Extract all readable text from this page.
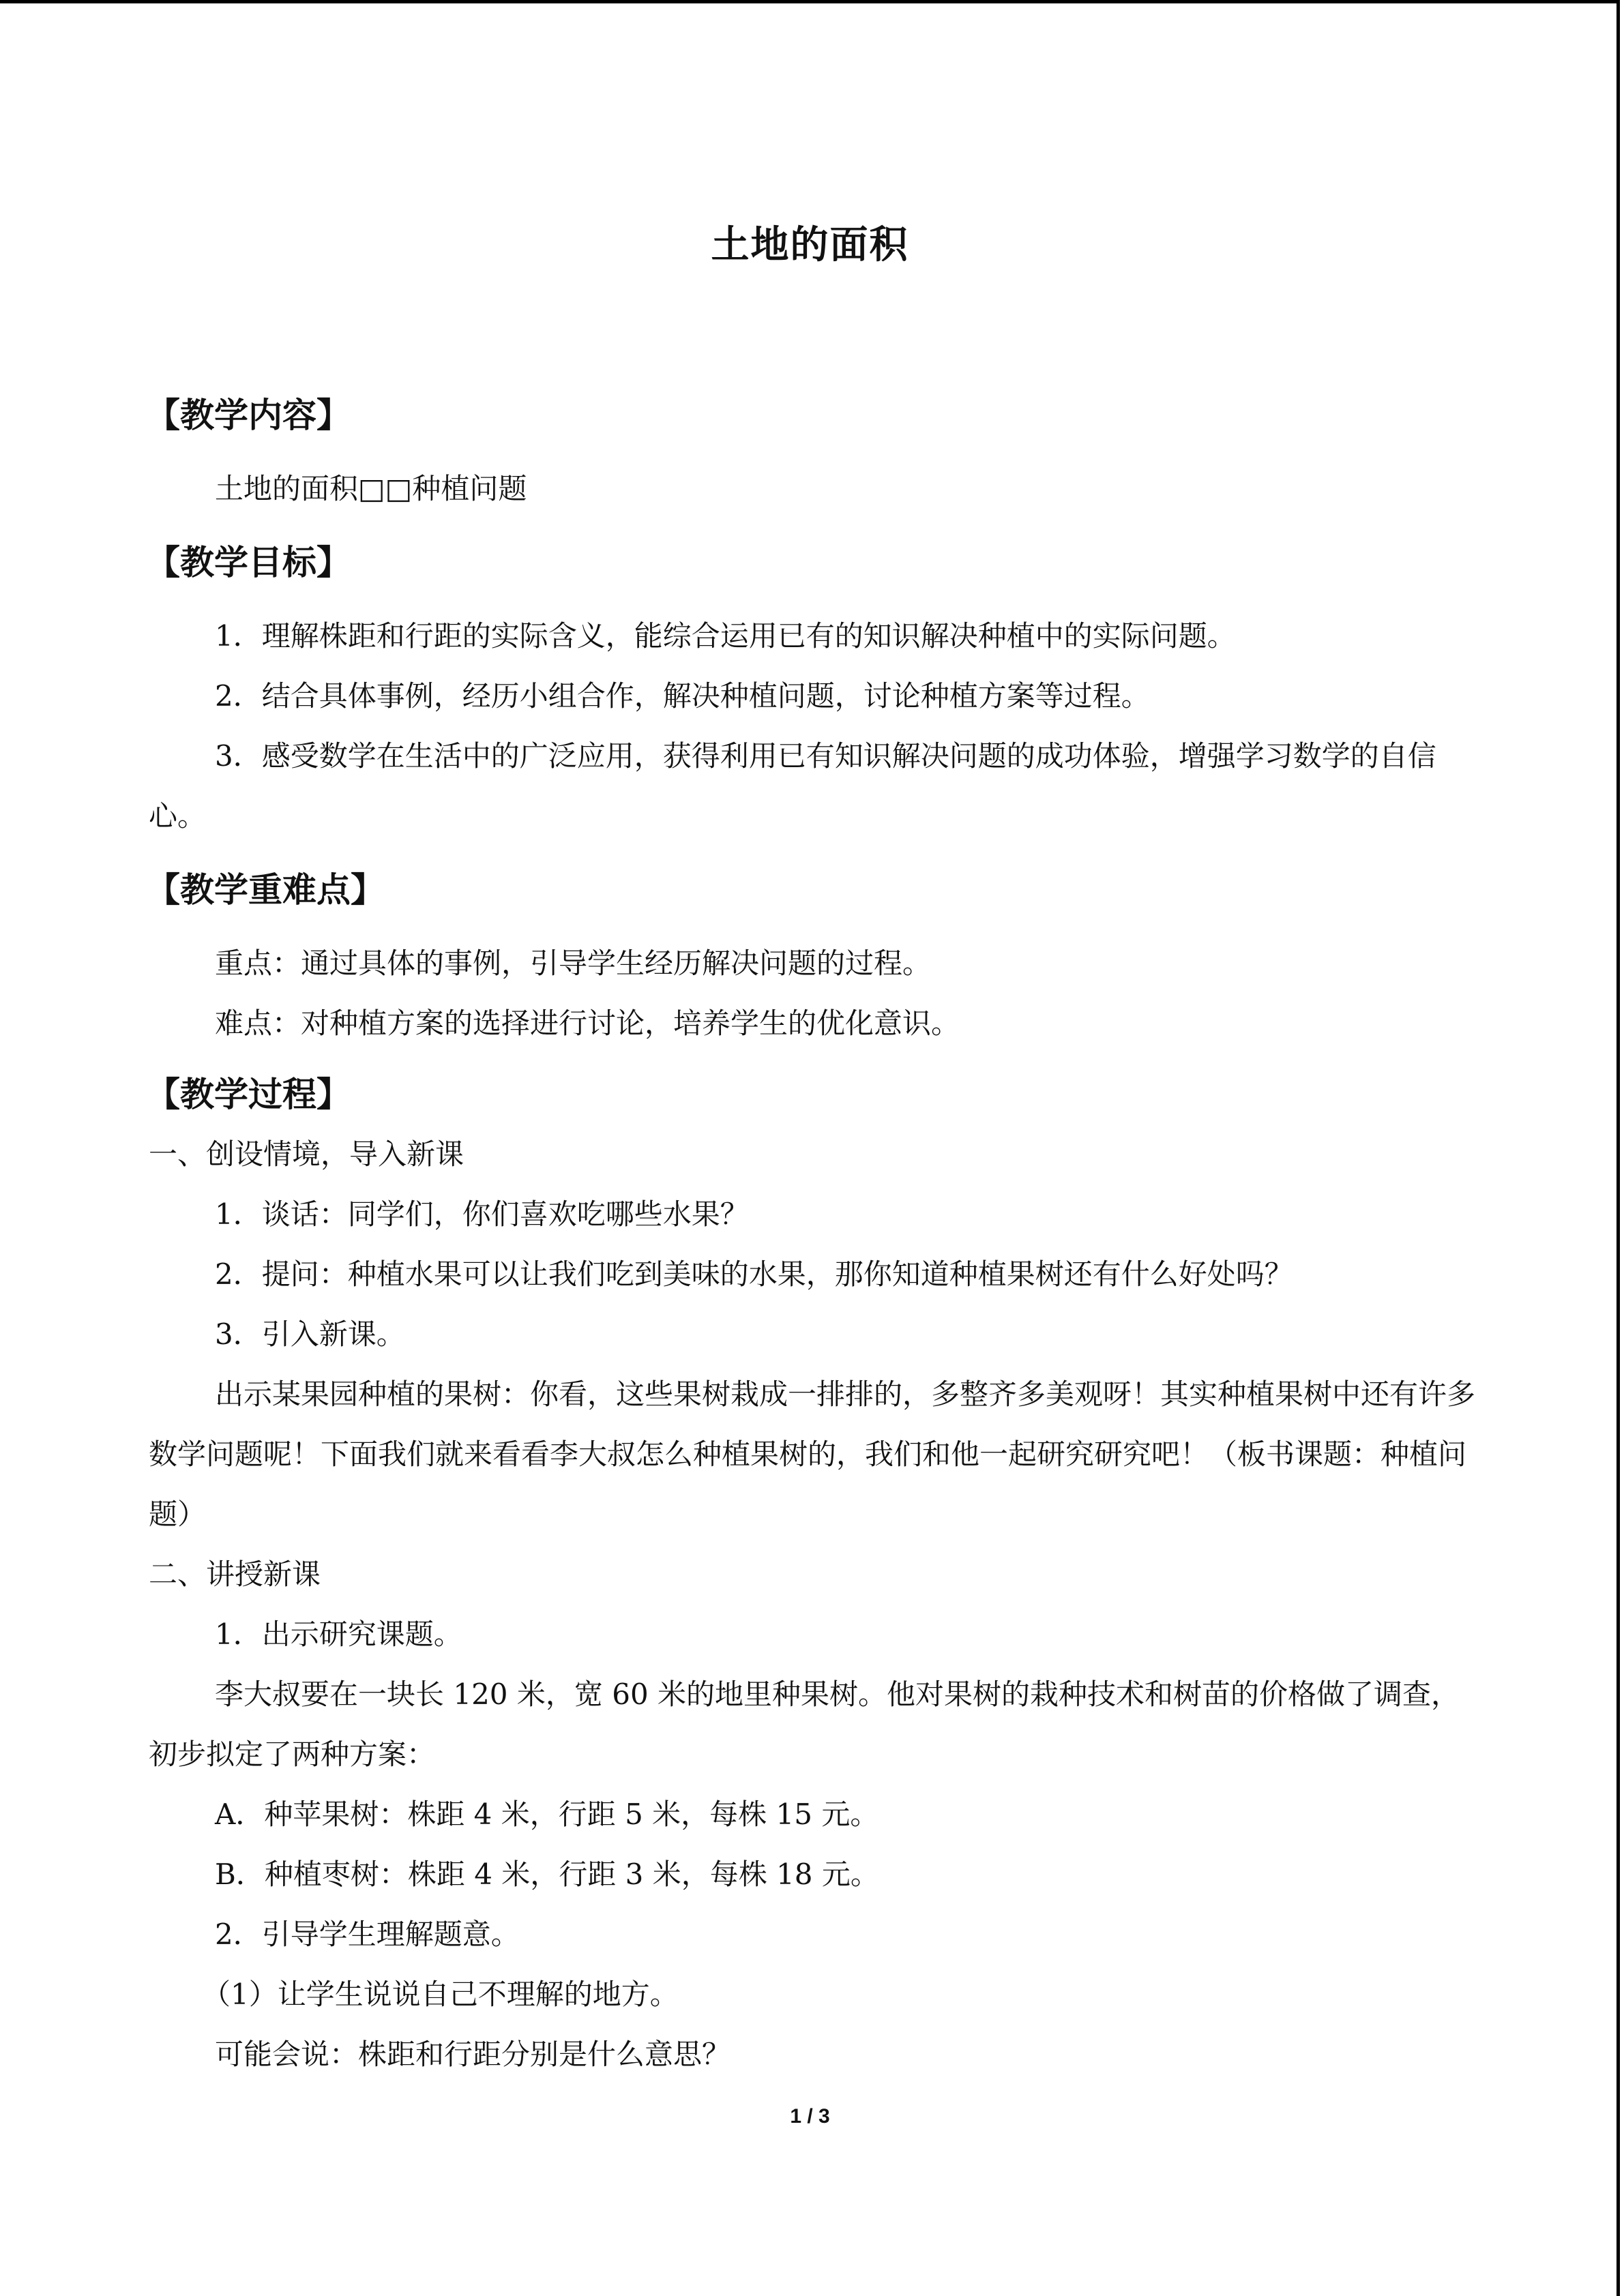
土地的面积
【教学内容】

土地的面积□□种植问题

【教学目标】

1．理解株距和行距的实际含义，能综合运用已有的知识解决种植中的实际问题。

2．结合具体事例，经历小组合作，解决种植问题，讨论种植方案等过程。

3．感受数学在生活中的广泛应用，获得利用已有知识解决问题的成功体验，增强学习数学的自信心。

【教学重难点】

重点：通过具体的事例，引导学生经历解决问题的过程。

难点：对种植方案的选择进行讨论，培养学生的优化意识。

【教学过程】

一、创设情境，导入新课

1．谈话：同学们，你们喜欢吃哪些水果？

2．提问：种植水果可以让我们吃到美味的水果，那你知道种植果树还有什么好处吗？

3．引入新课。

出示某果园种植的果树：你看，这些果树栽成一排排的，多整齐多美观呀！其实种植果树中还有许多数学问题呢！下面我们就来看看李大叔怎么种植果树的，我们和他一起研究研究吧！（板书课题：种植问题）

二、讲授新课

1．出示研究课题。

李大叔要在一块长 120 米，宽 60 米的地里种果树。他对果树的栽种技术和树苗的价格做了调查，初步拟定了两种方案：

A．种苹果树：株距 4 米，行距 5 米，每株 15 元。

B．种植枣树：株距 4 米，行距 3 米，每株 18 元。

2．引导学生理解题意。

（1）让学生说说自己不理解的地方。

可能会说：株距和行距分别是什么意思？

1 / 3
